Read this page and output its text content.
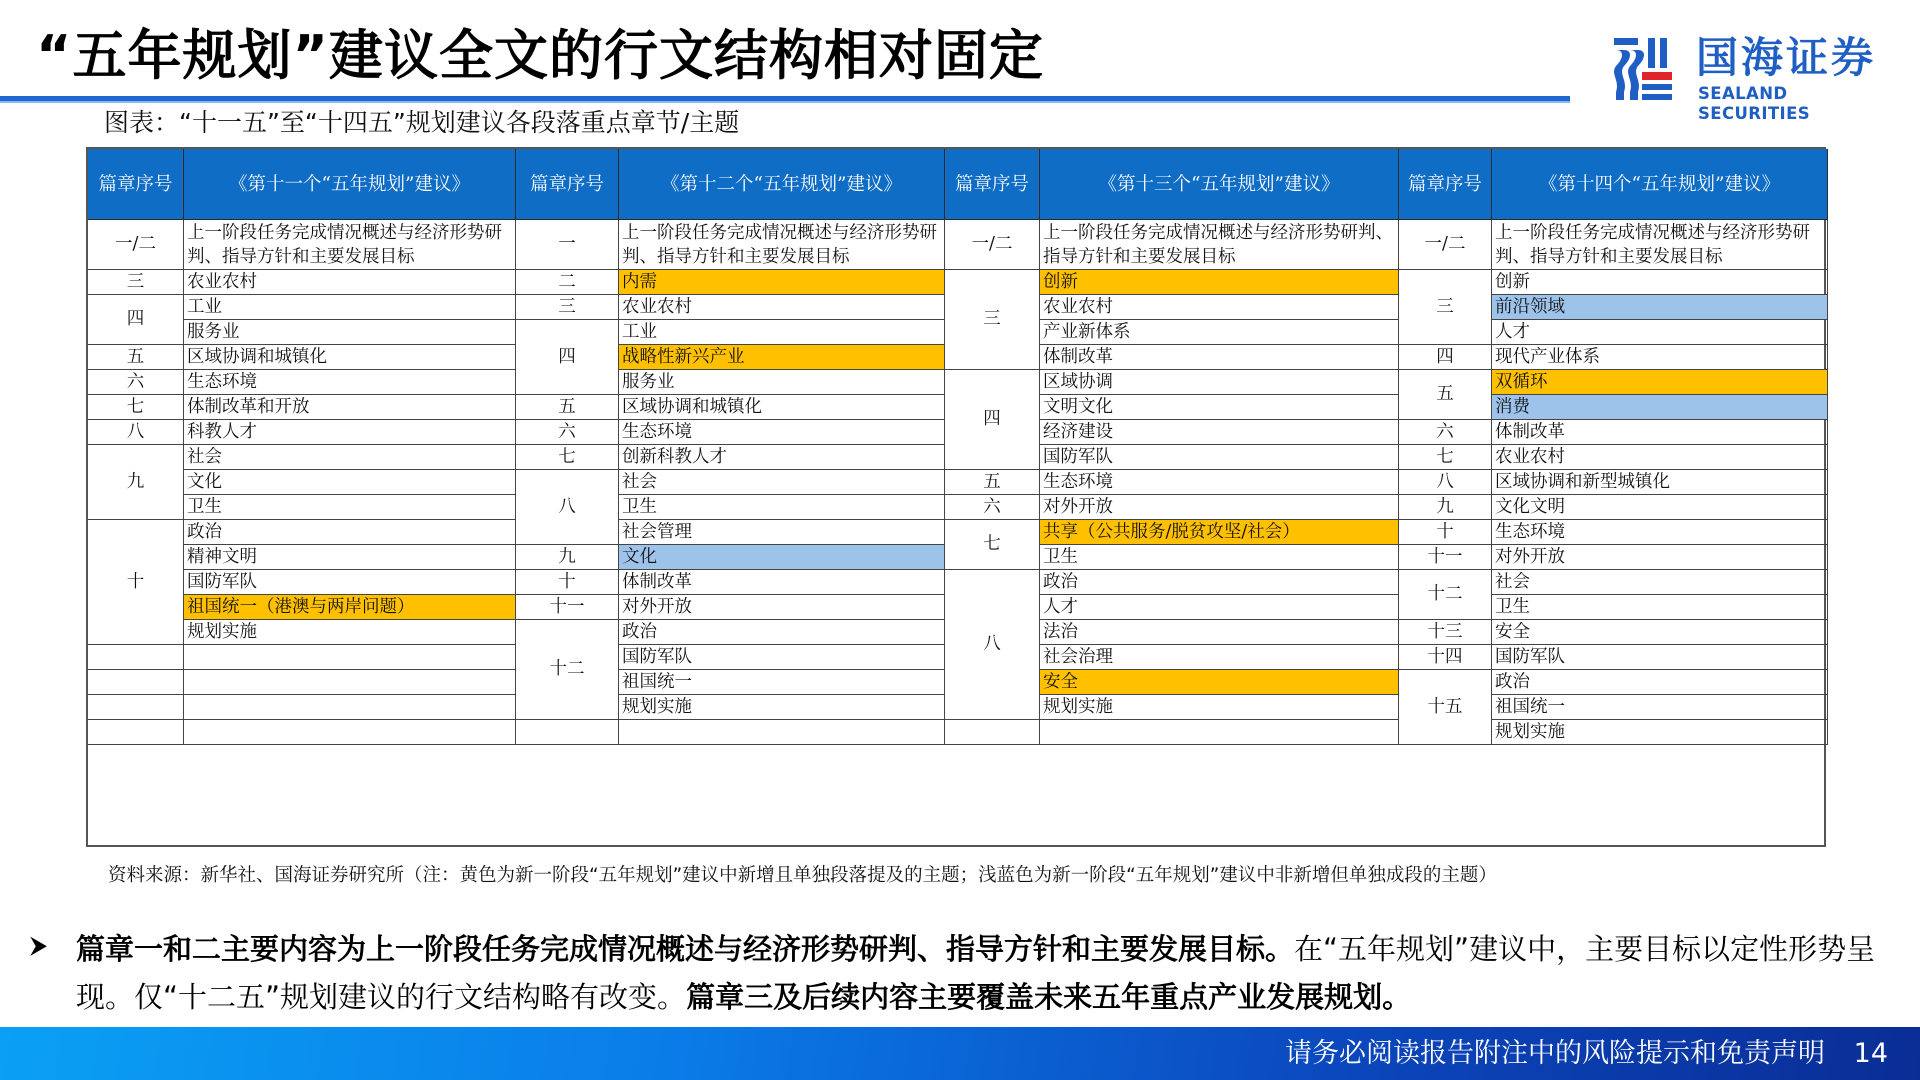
“五年规划”建议全文的行文结构相对固定	国海证券
SEALAND SECURITIES
图表：“十一五”至“十四五”规划建议各段落重点章节/主题
篇章序号
一/二
三
四
五
六
七
八
九
十
《第十一个“五年规划”建议》
上一阶段任务完成情况概述与经济形势研判、指导方针和主要发展目标
农业农村
工业
服务业
区域协调和城镇化
生态环境
体制改革和开放
科教人才
社会
文化
卫生
政治
精神文明
国防军队
祖国统一（港澳与两岸问题）
规划实施
篇章序号
一
二
三
四
五
六
七
八
九
十
十一
十二
《第十二个“五年规划”建议》
上一阶段任务完成情况概述与经济形势研判、指导方针和主要发展目标
内需
农业农村
工业
战略性新兴产业
服务业
区域协调和城镇化
生态环境
创新科教人才
社会
卫生
社会管理
文化
体制改革
对外开放
政治
国防军队
祖国统一
规划实施
篇章序号
一/二
三
四
五
六
七
八
《第十三个“五年规划”建议》
上一阶段任务完成情况概述与经济形势研判、指导方针和主要发展目标
创新
农业农村
产业新体系
体制改革
区域协调
文明文化
经济建设
国防军队
生态环境
对外开放
共享（公共服务/脱贫攻坚/社会）
卫生
政治
人才
法治
社会治理
安全
规划实施
篇章序号
一/二
三
四
五
六
七
八
九
十
十一
十二
十三
十四
十五
《第十四个“五年规划”建议》
上一阶段任务完成情况概述与经济形势研判、指导方针和主要发展目标
创新
前沿领域
人才
现代产业体系
双循环
消费
体制改革
农业农村
区域协调和新型城镇化
文化文明
生态环境
对外开放
社会
卫生
安全
国防军队
政治
祖国统一
规划实施
资料来源：新华社、国海证券研究所（注：黄色为新一阶段“五年规划”建议中新增且单独段落提及的主题；浅蓝色为新一阶段“五年规划”建议中非新增但单独成段的主题）
⮞ 篇章一和二主要内容为上一阶段任务完成情况概述与经济形势研判、指导方针和主要发展目标。在“五年规划”建议中，主要目标以定性形势呈现。仅“十二五”规划建议的行文结构略有改变。篇章三及后续内容主要覆盖未来五年重点产业发展规划。
请务必阅读报告附注中的风险提示和免责声明 14
